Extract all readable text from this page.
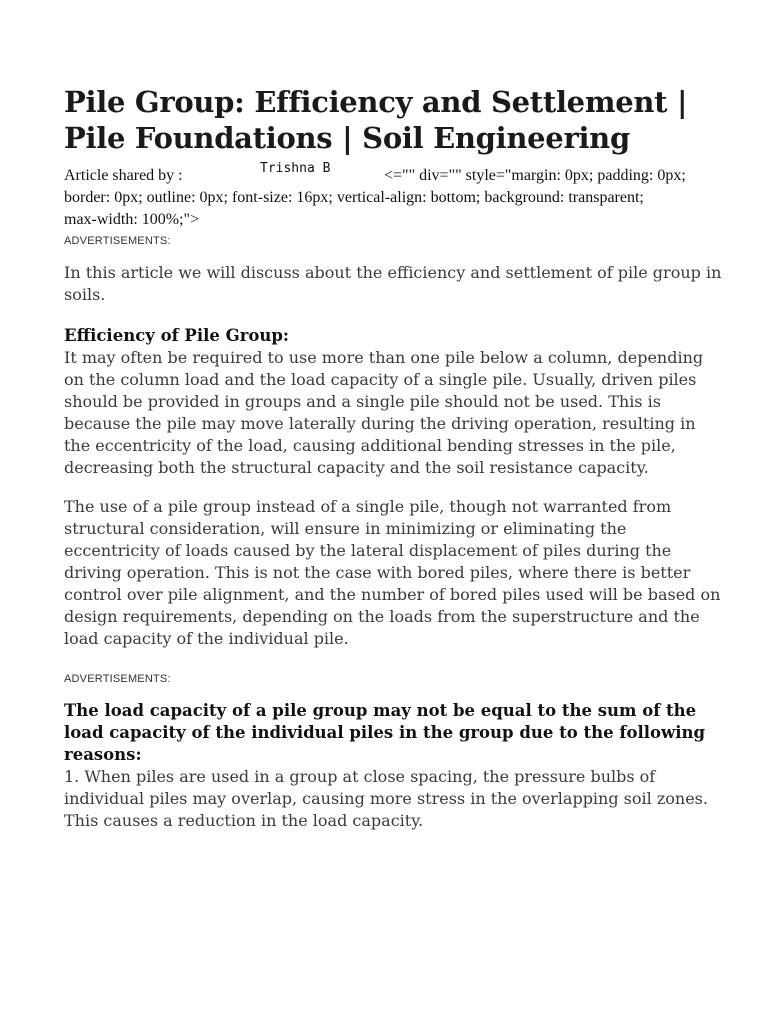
Pile Group: Efficiency and Settlement | Pile Foundations | Soil Engineering
Article shared by :	Trishna B	<="" div="" style="margin: 0px; padding: 0px;
border: 0px; outline: 0px; font-size: 16px; vertical-align: bottom; background: transparent;
max-width: 100%;">
ADVERTISEMENTS:

In this article we will discuss about the efficiency and settlement of pile group in soils.

Efficiency of Pile Group:

It may often be required to use more than one pile below a column, depending on the column load and the load capacity of a single pile. Usually, driven piles should be provided in groups and a single pile should not be used. This is because the pile may move laterally during the driving operation, resulting in the eccentricity of the load, causing additional bending stresses in the pile, decreasing both the structural capacity and the soil resistance capacity.

The use of a pile group instead of a single pile, though not warranted from structural consideration, will ensure in minimizing or eliminating the eccentricity of loads caused by the lateral displacement of piles during the driving operation. This is not the case with bored piles, where there is better control over pile alignment, and the number of bored piles used will be based on design requirements, depending on the loads from the superstructure and the load capacity of the individual pile.

ADVERTISEMENTS:
The load capacity of a pile group may not be equal to the sum of the load capacity of the individual piles in the group due to the following reasons:

1. When piles are used in a group at close spacing, the pressure bulbs of individual piles may overlap, causing more stress in the overlapping soil zones. This causes a reduction in the load capacity.
